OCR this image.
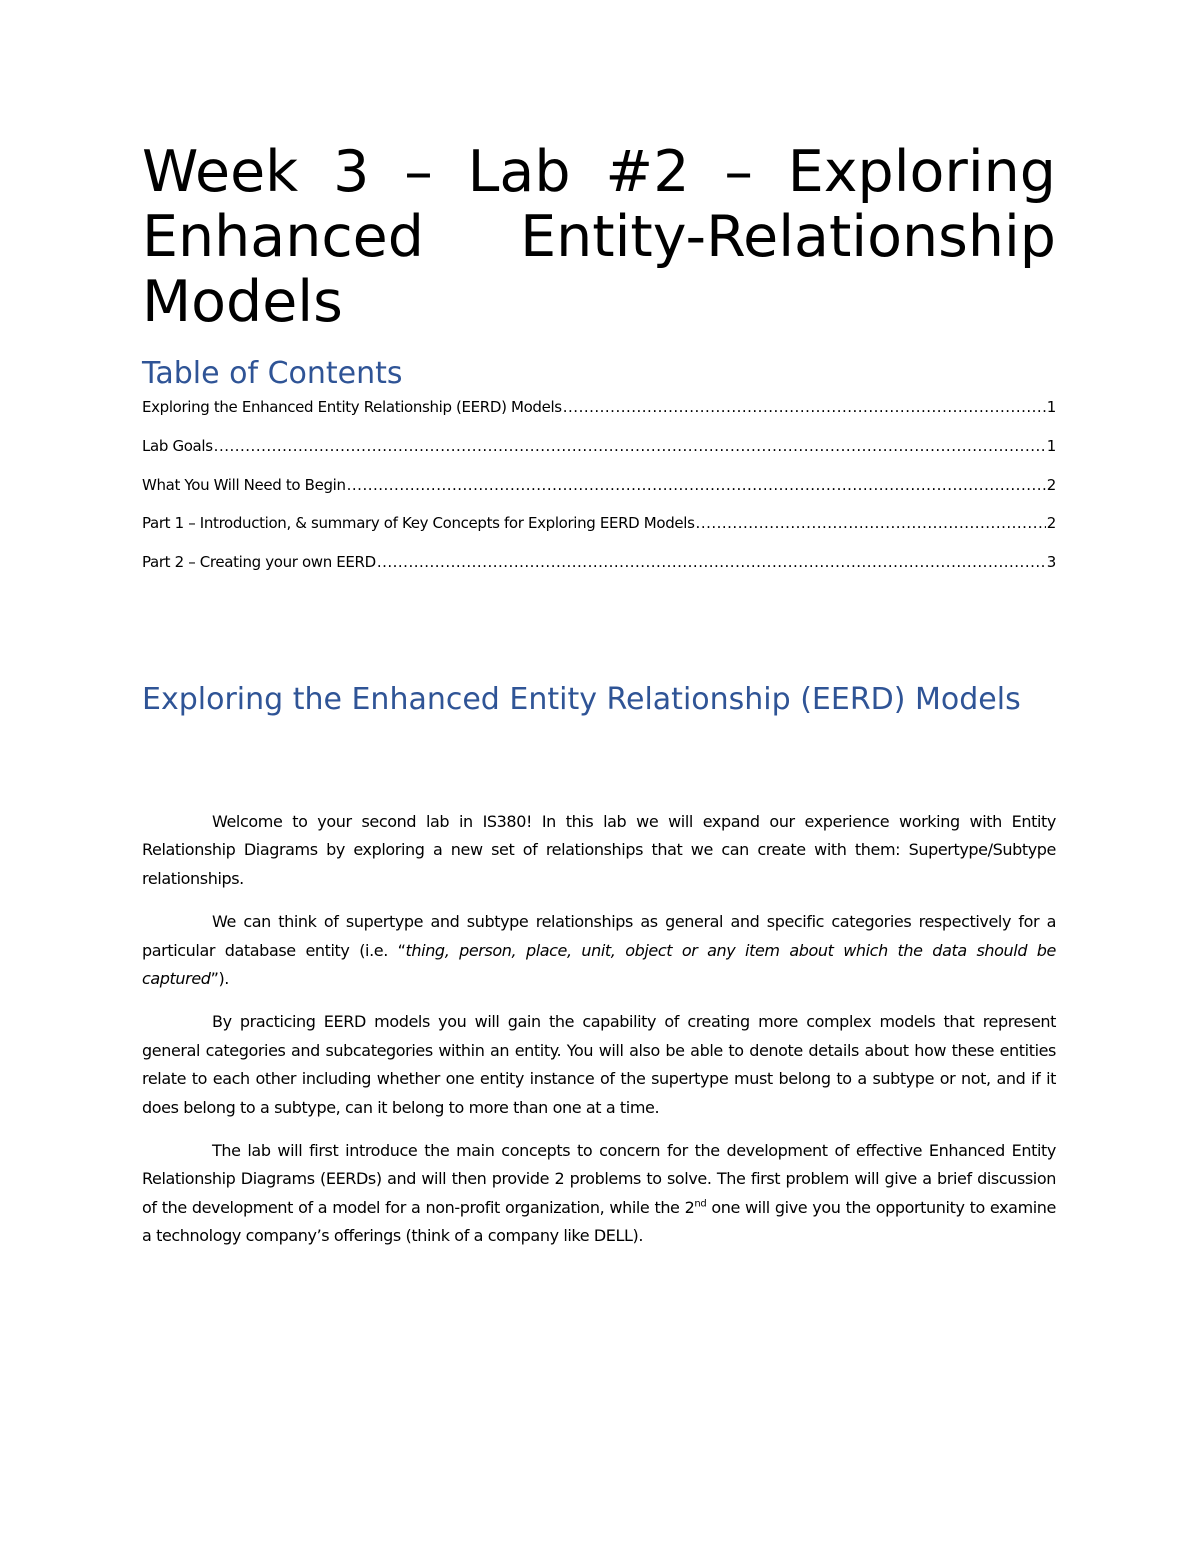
Week 3 – Lab #2 – Exploring Enhanced Entity-Relationship Models
Table of Contents
Exploring the Enhanced Entity Relationship (EERD) Models .....	1
Lab Goals .....	1
What You Will Need to Begin .....	2
Part 1 – Introduction, & summary of Key Concepts for Exploring EERD Models .....	2
Part 2 – Creating your own EERD .....	3
Exploring the Enhanced Entity Relationship (EERD) Models

Welcome to your second lab in IS380! In this lab we will expand our experience working with Entity Relationship Diagrams by exploring a new set of relationships that we can create with them: Supertype/Subtype relationships.

We can think of supertype and subtype relationships as general and specific categories respectively for a particular database entity (i.e. “thing, person, place, unit, object or any item about which the data should be captured”).

By practicing EERD models you will gain the capability of creating more complex models that represent general categories and subcategories within an entity. You will also be able to denote details about how these entities relate to each other including whether one entity instance of the supertype must belong to a subtype or not, and if it does belong to a subtype, can it belong to more than one at a time.

The lab will first introduce the main concepts to concern for the development of effective Enhanced Entity Relationship Diagrams (EERDs) and will then provide 2 problems to solve. The first problem will give a brief discussion of the development of a model for a non-profit organization, while the 2nd one will give you the opportunity to examine a technology company’s offerings (think of a company like DELL).
